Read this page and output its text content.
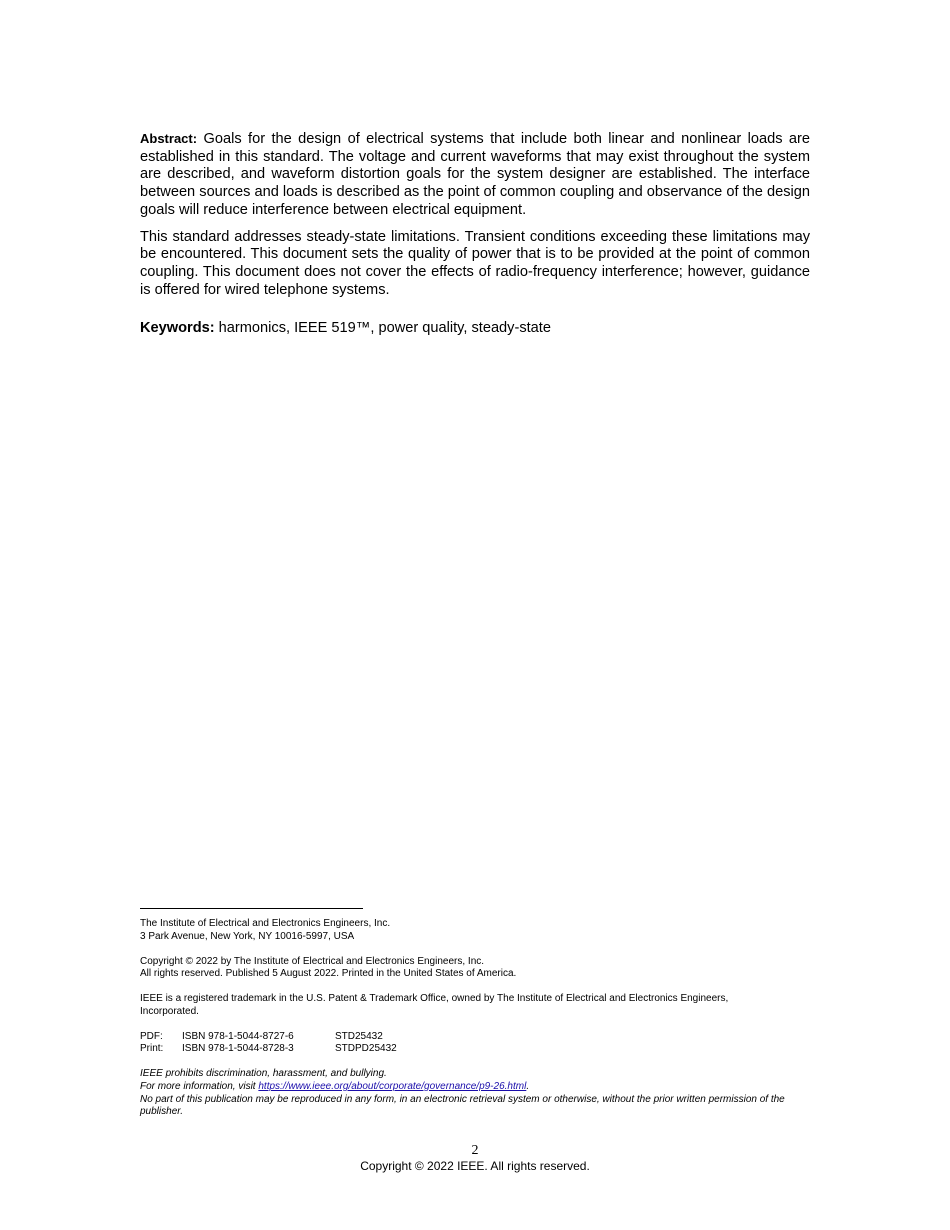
Abstract: Goals for the design of electrical systems that include both linear and nonlinear loads are established in this standard. The voltage and current waveforms that may exist throughout the system are described, and waveform distortion goals for the system designer are established. The interface between sources and loads is described as the point of common coupling and observance of the design goals will reduce interference between electrical equipment.

This standard addresses steady-state limitations. Transient conditions exceeding these limitations may be encountered. This document sets the quality of power that is to be provided at the point of common coupling. This document does not cover the effects of radio-frequency interference; however, guidance is offered for wired telephone systems.

Keywords: harmonics, IEEE 519™, power quality, steady-state

The Institute of Electrical and Electronics Engineers, Inc.
3 Park Avenue, New York, NY 10016-5997, USA

Copyright © 2022 by The Institute of Electrical and Electronics Engineers, Inc.
All rights reserved. Published 5 August 2022. Printed in the United States of America.

IEEE is a registered trademark in the U.S. Patent & Trademark Office, owned by The Institute of Electrical and Electronics Engineers, Incorporated.

PDF:	ISBN 978-1-5044-8727-6	STD25432
Print:	ISBN 978-1-5044-8728-3	STDPD25432

IEEE prohibits discrimination, harassment, and bullying.
For more information, visit https://www.ieee.org/about/corporate/governance/p9-26.html.
No part of this publication may be reproduced in any form, in an electronic retrieval system or otherwise, without the prior written permission of the publisher.

2
Copyright © 2022 IEEE. All rights reserved.
